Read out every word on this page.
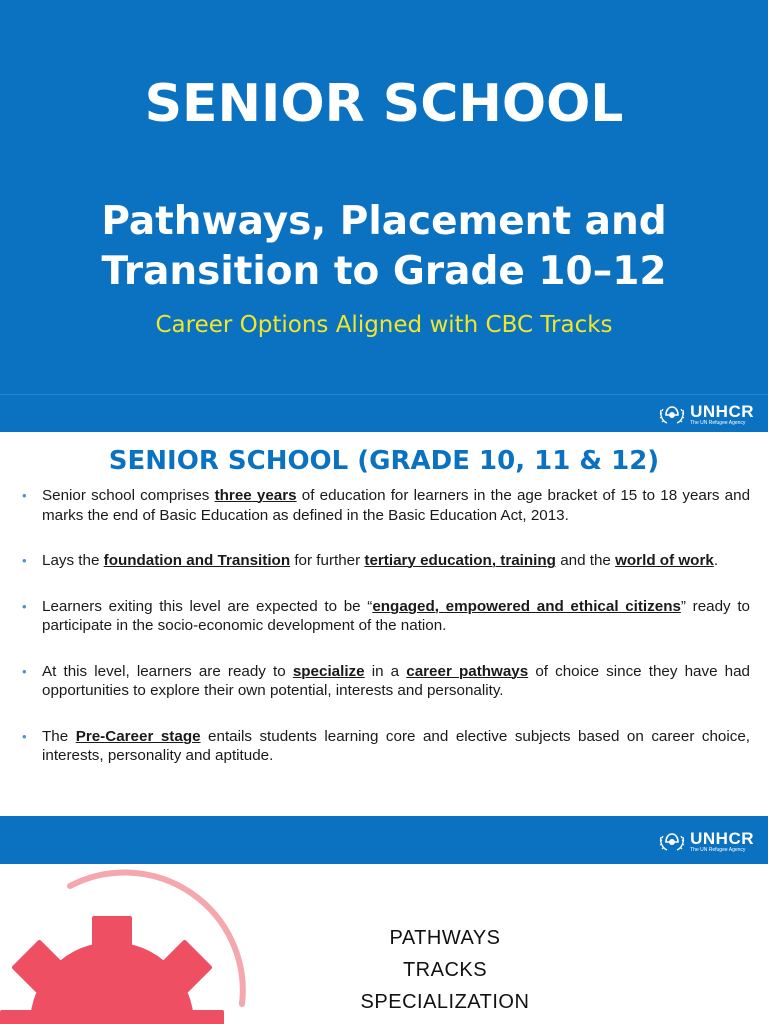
SENIOR SCHOOL
Pathways, Placement and
Transition to Grade 10–12
Career Options Aligned with CBC Tracks
UNHCR
The UN Refugee Agency
SENIOR SCHOOL (GRADE 10, 11 & 12)
• Senior school comprises three years of education for learners in the age bracket of 15 to 18 years and marks the end of Basic Education as defined in the Basic Education Act, 2013.
• Lays the foundation and Transition for further tertiary education, training and the world of work.
• Learners exiting this level are expected to be “engaged, empowered and ethical citizens” ready to participate in the socio-economic development of the nation.
• At this level, learners are ready to specialize in a career pathways of choice since they have had opportunities to explore their own potential, interests and personality.
• The Pre-Career stage entails students learning core and elective subjects based on career choice, interests, personality and aptitude.
UNHCR
The UN Refugee Agency
PATHWAYS
TRACKS
SPECIALIZATION
